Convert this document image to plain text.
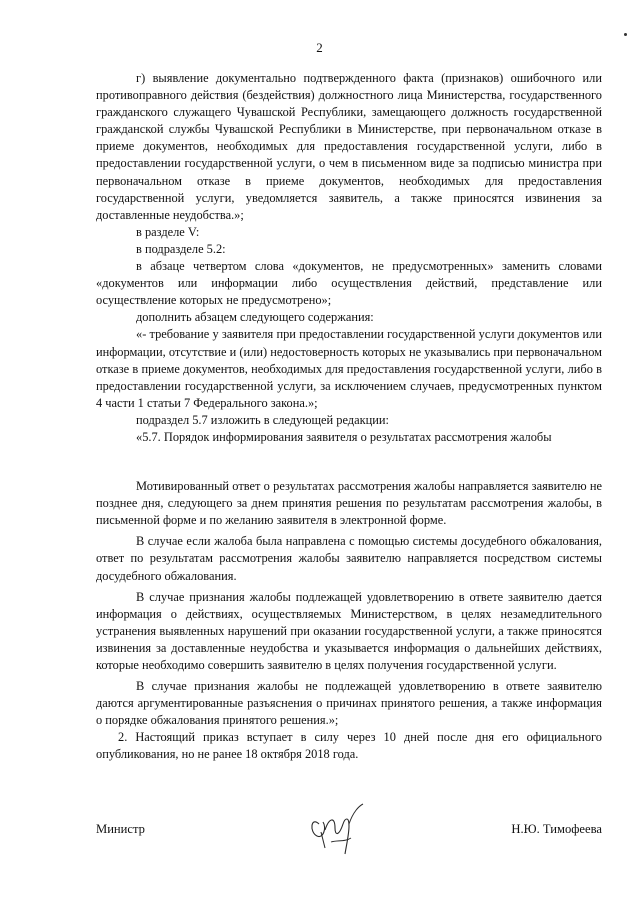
2

г) выявление документально подтвержденного факта (признаков) ошибочного или противоправного действия (бездействия) должностного лица Министерства, государственного гражданского служащего Чувашской Республики, замещающего должность государственной гражданской службы Чувашской Республики в Министерстве, при первоначальном отказе в приеме документов, необходимых для предоставления государственной услуги, либо в предоставлении государственной услуги, о чем в письменном виде за подписью министра при первоначальном отказе в приеме документов, необходимых для предоставления государственной услуги, уведомляется заявитель, а также приносятся извинения за доставленные неудобства.»;

в разделе V:

в подразделе 5.2:

в абзаце четвертом слова «документов, не предусмотренных» заменить словами «документов или информации либо осуществления действий, представление или осуществление которых не предусмотрено»;

дополнить абзацем следующего содержания:

«- требование у заявителя при предоставлении государственной услуги документов или информации, отсутствие и (или) недостоверность которых не указывались при первоначальном отказе в приеме документов, необходимых для предоставления государственной услуги, либо в предоставлении государственной услуги, за исключением случаев, предусмотренных пунктом 4 части 1 статьи 7 Федерального закона.»;

подраздел 5.7 изложить в следующей редакции:

«5.7. Порядок информирования заявителя о результатах рассмотрения жалобы

Мотивированный ответ о результатах рассмотрения жалобы направляется заявителю не позднее дня, следующего за днем принятия решения по результатам рассмотрения жалобы, в письменной форме и по желанию заявителя в электронной форме.

В случае если жалоба была направлена с помощью системы досудебного обжалования, ответ по результатам рассмотрения жалобы заявителю направляется посредством системы досудебного обжалования.

В случае признания жалобы подлежащей удовлетворению в ответе заявителю дается информация о действиях, осуществляемых Министерством, в целях незамедлительного устранения выявленных нарушений при оказании государственной услуги, а также приносятся извинения за доставленные неудобства и указывается информация о дальнейших действиях, которые необходимо совершить заявителю в целях получения государственной услуги.

В случае признания жалобы не подлежащей удовлетворению в ответе заявителю даются аргументированные разъяснения о причинах принятого решения, а также информация о порядке обжалования принятого решения.»;

2. Настоящий приказ вступает в силу через 10 дней после дня его официального опубликования, но не ранее 18 октября 2018 года.

Министр	Н.Ю. Тимофеева
